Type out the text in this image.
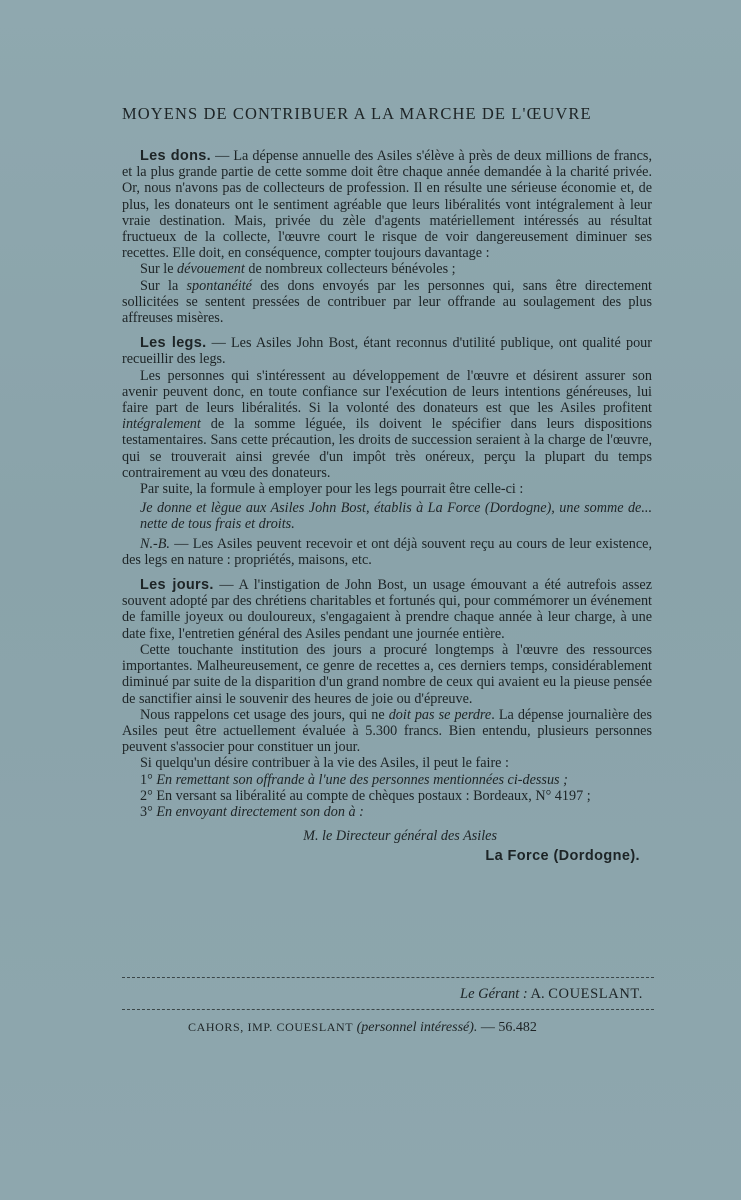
MOYENS DE CONTRIBUER A LA MARCHE DE L'ŒUVRE

Les dons. — La dépense annuelle des Asiles s'élève à près de deux millions de francs, et la plus grande partie de cette somme doit être chaque année demandée à la charité privée. Or, nous n'avons pas de collecteurs de profession. Il en résulte une sérieuse économie et, de plus, les donateurs ont le sentiment agréable que leurs libéralités vont intégralement à leur vraie destination. Mais, privée du zèle d'agents matériellement intéressés au résultat fructueux de la collecte, l'œuvre court le risque de voir dangereusement diminuer ses recettes. Elle doit, en conséquence, compter toujours davantage :

Sur le dévouement de nombreux collecteurs bénévoles ;

Sur la spontanéité des dons envoyés par les personnes qui, sans être directement sollicitées se sentent pressées de contribuer par leur offrande au soulagement des plus affreuses misères.

Les legs. — Les Asiles John Bost, étant reconnus d'utilité publique, ont qualité pour recueillir des legs.

Les personnes qui s'intéressent au développement de l'œuvre et désirent assurer son avenir peuvent donc, en toute confiance sur l'exécution de leurs intentions généreuses, lui faire part de leurs libéralités. Si la volonté des donateurs est que les Asiles profitent intégralement de la somme léguée, ils doivent le spécifier dans leurs dispositions testamentaires. Sans cette précaution, les droits de succession seraient à la charge de l'œuvre, qui se trouverait ainsi grevée d'un impôt très onéreux, perçu la plupart du temps contrairement au vœu des donateurs.

Par suite, la formule à employer pour les legs pourrait être celle-ci :

Je donne et lègue aux Asiles John Bost, établis à La Force (Dordogne), une somme de... nette de tous frais et droits.

N.-B. — Les Asiles peuvent recevoir et ont déjà souvent reçu au cours de leur existence, des legs en nature : propriétés, maisons, etc.

Les jours. — A l'instigation de John Bost, un usage émouvant a été autrefois assez souvent adopté par des chrétiens charitables et fortunés qui, pour commémorer un événement de famille joyeux ou douloureux, s'engagaient à prendre chaque année à leur charge, à une date fixe, l'entretien général des Asiles pendant une journée entière.

Cette touchante institution des jours a procuré longtemps à l'œuvre des ressources importantes. Malheureusement, ce genre de recettes a, ces derniers temps, considérablement diminué par suite de la disparition d'un grand nombre de ceux qui avaient eu la pieuse pensée de sanctifier ainsi le souvenir des heures de joie ou d'épreuve.

Nous rappelons cet usage des jours, qui ne doit pas se perdre. La dépense journalière des Asiles peut être actuellement évaluée à 5.300 francs. Bien entendu, plusieurs personnes peuvent s'associer pour constituer un jour.

Si quelqu'un désire contribuer à la vie des Asiles, il peut le faire :

1° En remettant son offrande à l'une des personnes mentionnées ci-dessus ;

2° En versant sa libéralité au compte de chèques postaux : Bordeaux, N° 4197 ;

3° En envoyant directement son don à :

M. le Directeur général des Asiles

La Force (Dordogne).

Le Gérant : A. COUESLANT.
CAHORS, IMP. COUESLANT (personnel intéressé). — 56.482
